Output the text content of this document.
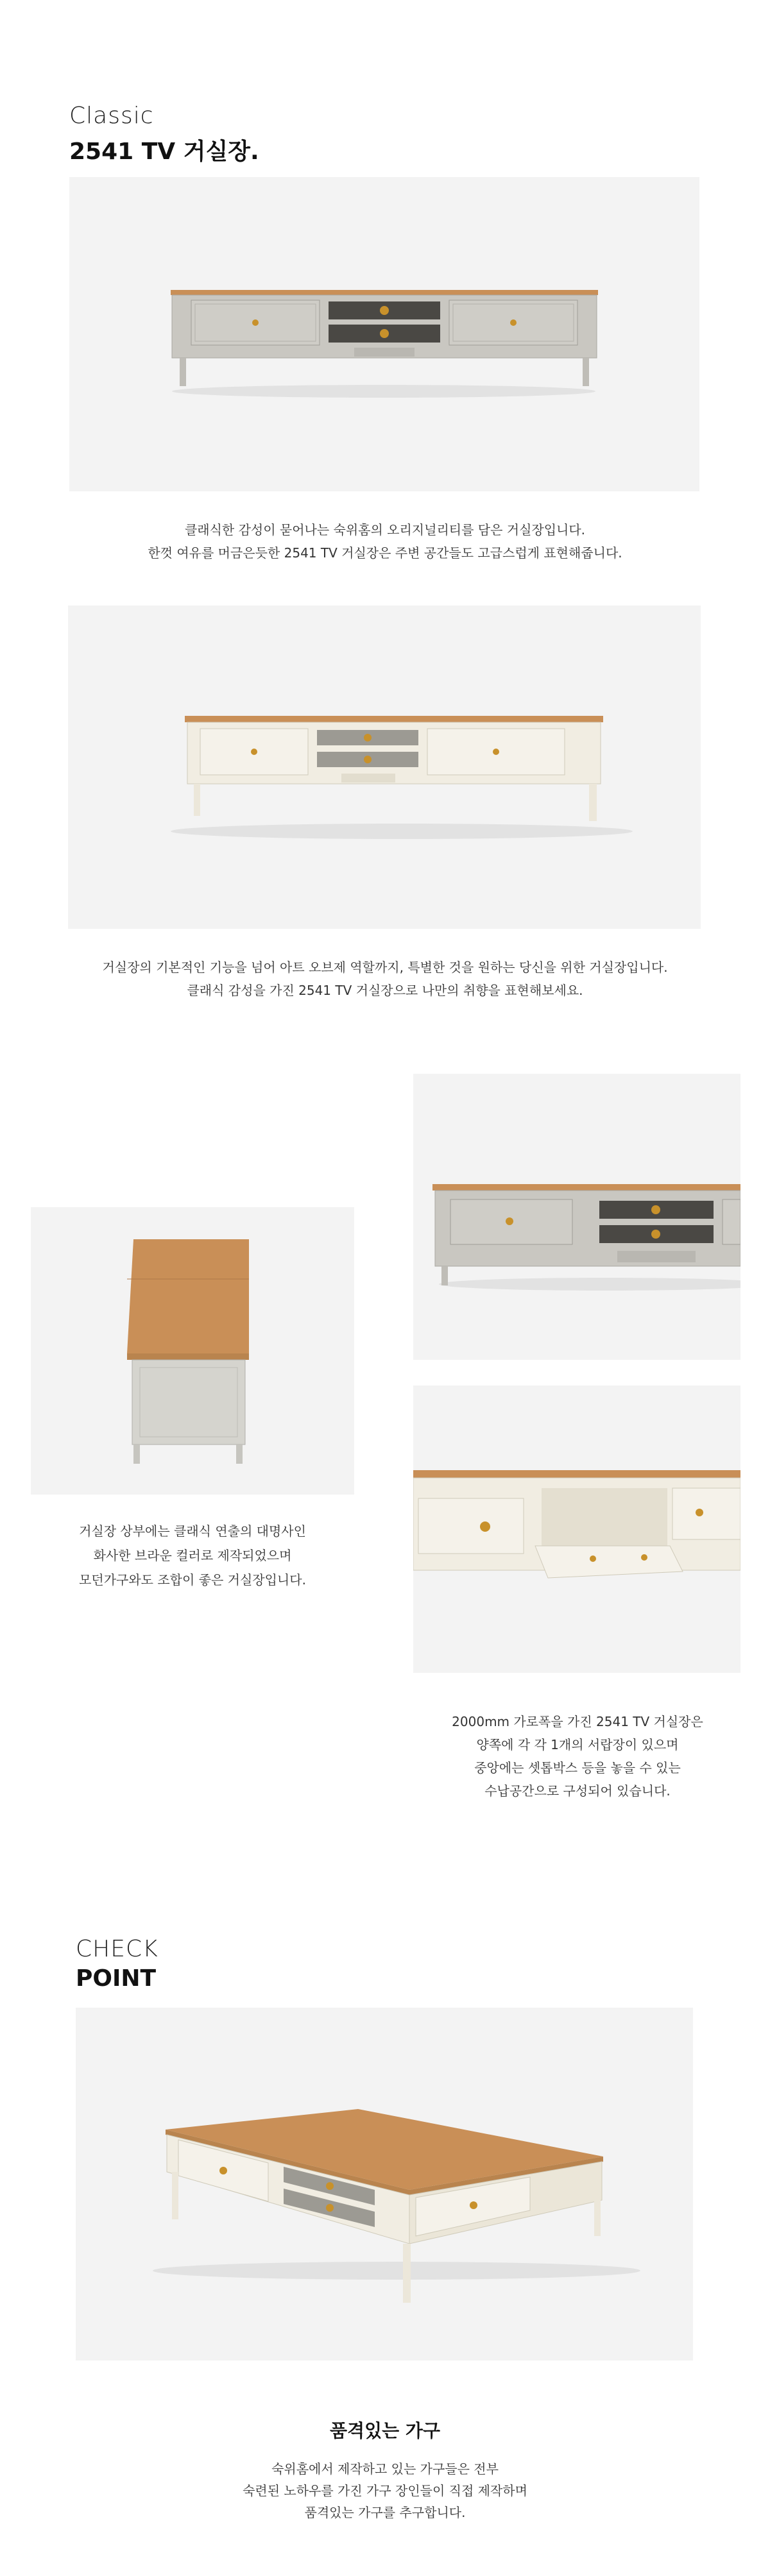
Classic
2541 TV 거실장.

클래식한 감성이 묻어나는 숙위홈의 오리지널리티를 담은 거실장입니다.

한껏 여유를 머금은듯한 2541 TV 거실장은 주변 공간들도 고급스럽게 표현해줍니다.

거실장의 기본적인 기능을 넘어 아트 오브제 역할까지, 특별한 것을 원하는 당신을 위한 거실장입니다.

클래식 감성을 가진 2541 TV 거실장으로 나만의 취향을 표현해보세요.

거실장 상부에는 클래식 연출의 대명사인

화사한 브라운 컬러로 제작되었으며

모던가구와도 조합이 좋은 거실장입니다.

2000mm 가로폭을 가진 2541 TV 거실장은

양쪽에 각 각 1개의 서랍장이 있으며

중앙에는 셋톱박스 등을 놓을 수 있는

수납공간으로 구성되어 있습니다.

CHECK
POINT
품격있는 가구

숙위홈에서 제작하고 있는 가구들은 전부

숙련된 노하우를 가진 가구 장인들이 직접 제작하며

품격있는 가구를 추구합니다.
